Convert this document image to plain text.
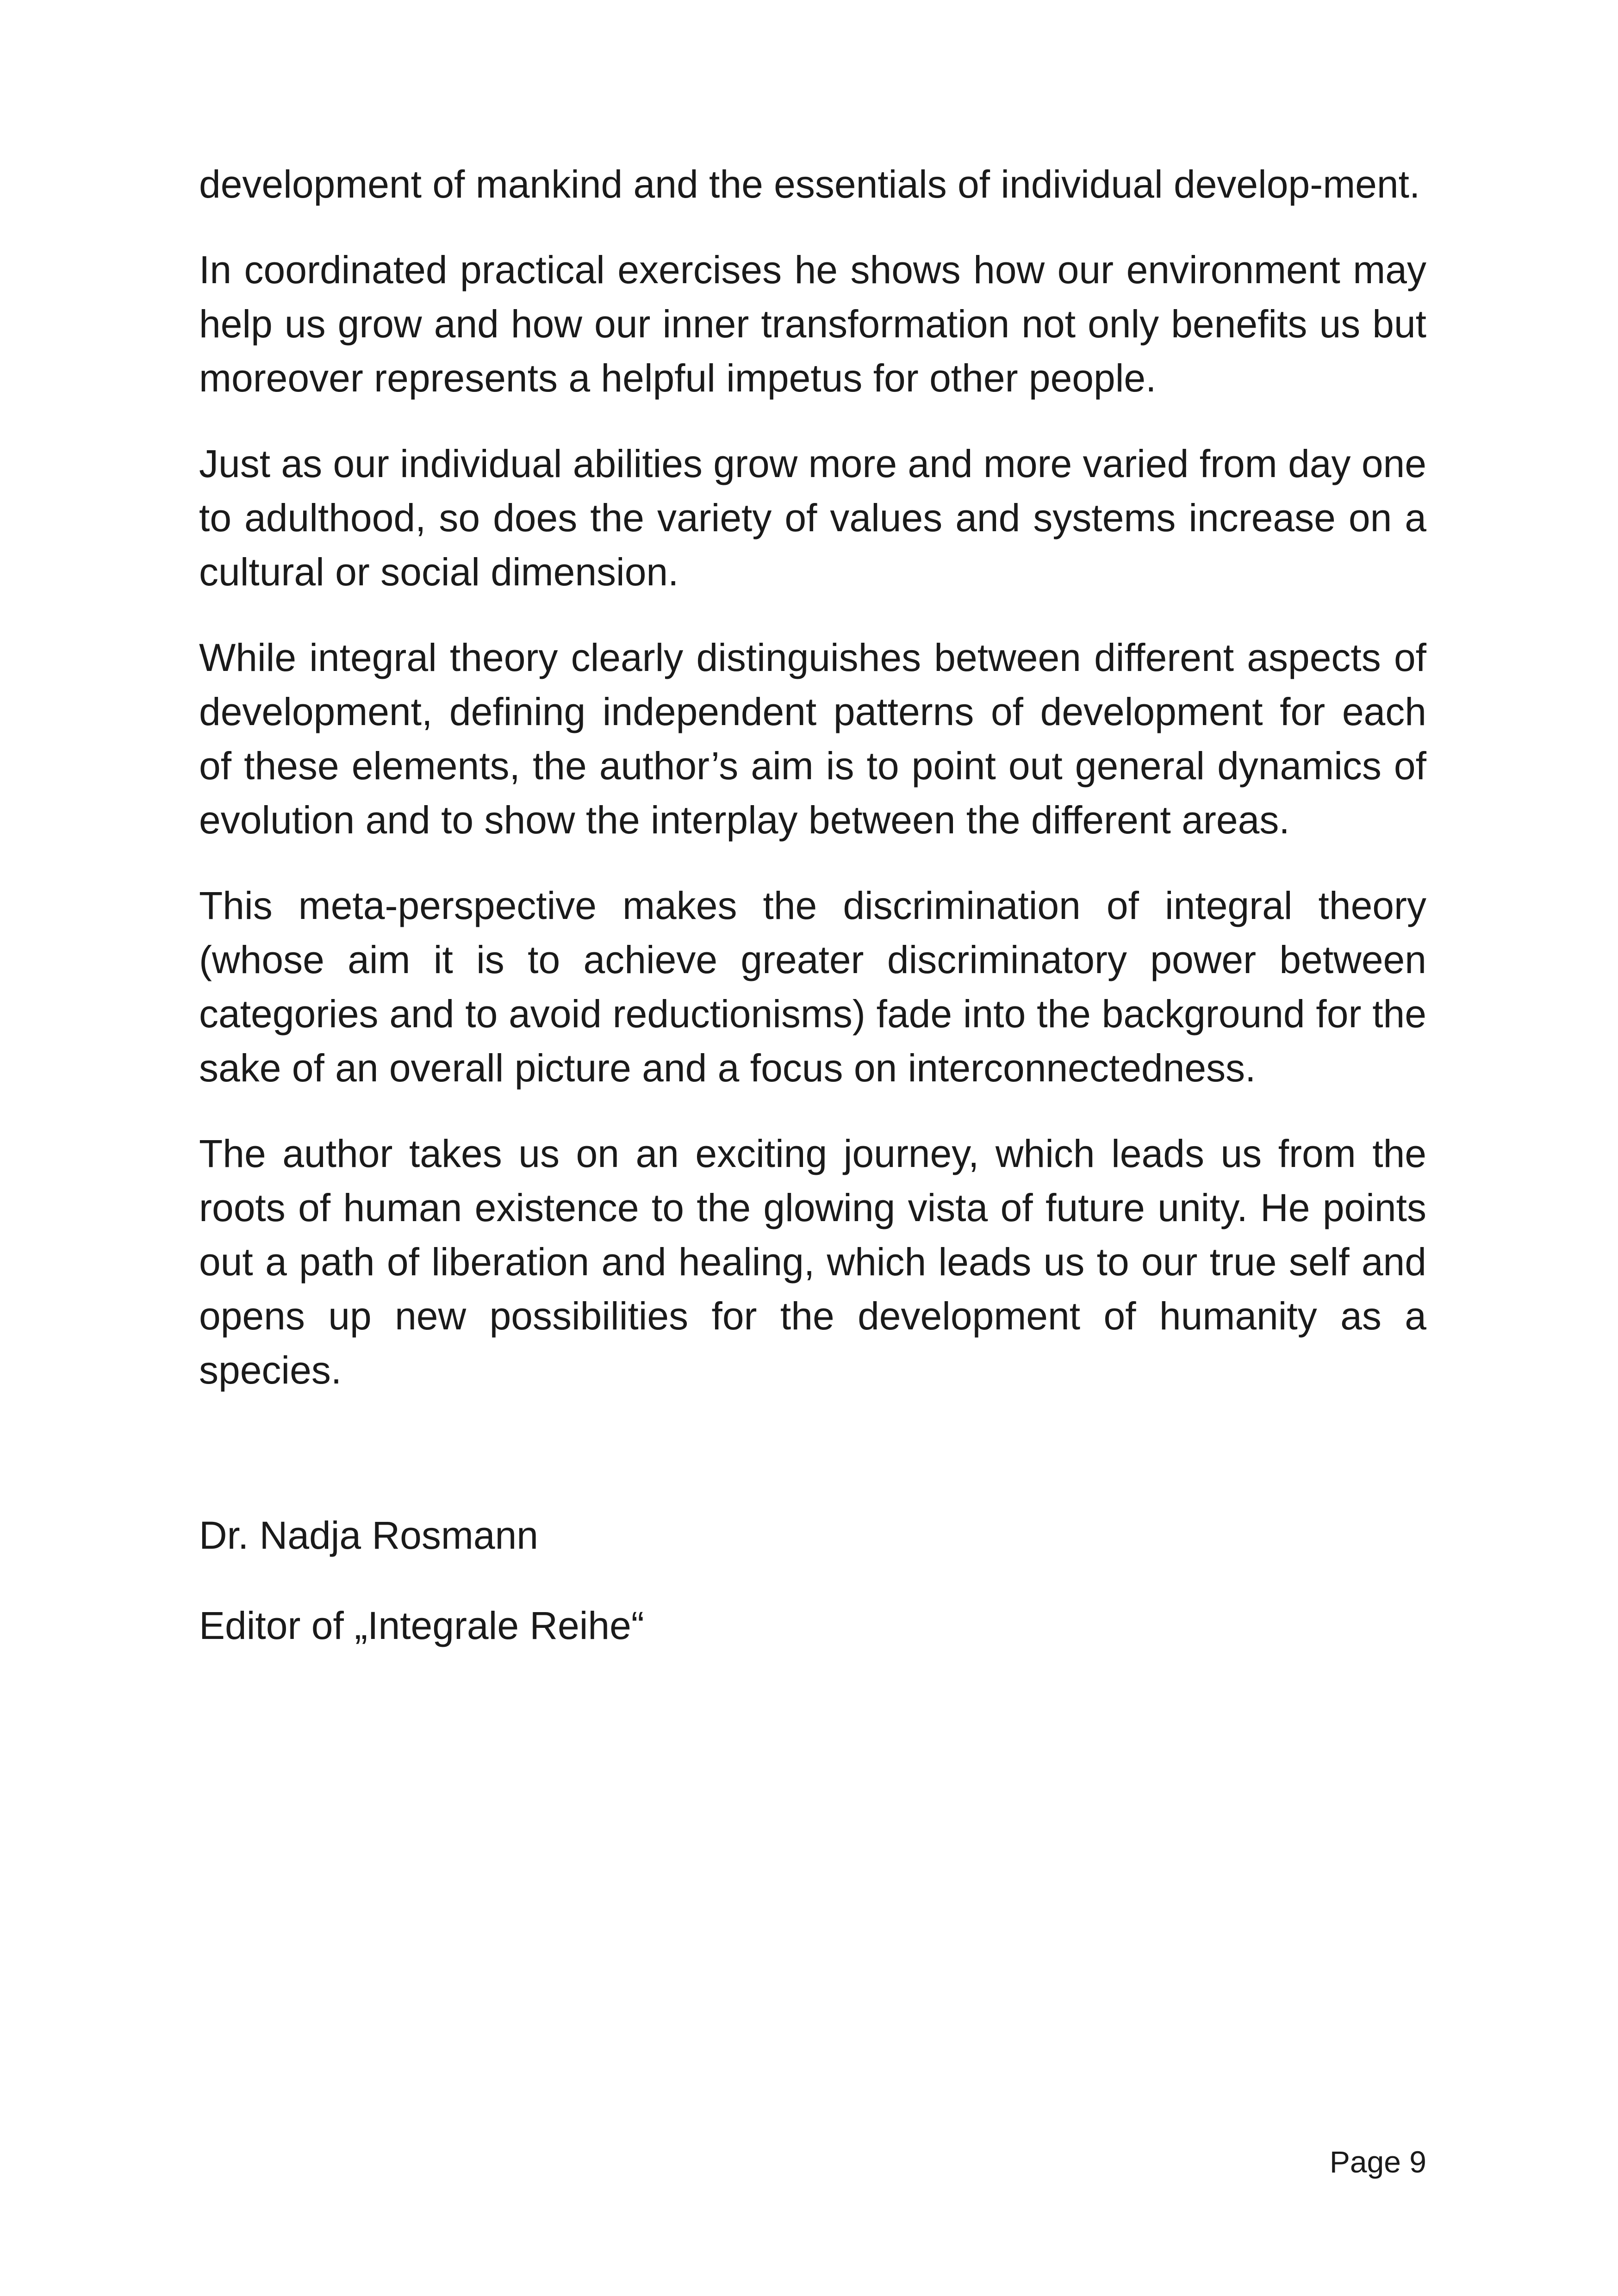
development of mankind and the essentials of individual develop-ment.

In coordinated practical exercises he shows how our environment may help us grow and how our inner transformation not only benefits us but moreover represents a helpful impetus for other people.

Just as our individual abilities grow more and more varied from day one to adulthood, so does the variety of values and systems increase on a cultural or social dimension.

While integral theory clearly distinguishes between different aspects of development, defining independent patterns of development for each of these elements, the author’s aim is to point out general dynamics of evolution and to show the interplay between the different areas.

This meta-perspective makes the discrimination of integral theory (whose aim it is to achieve greater discriminatory power between categories and to avoid reductionisms) fade into the background for the sake of an overall picture and a focus on interconnectedness.

The author takes us on an exciting journey, which leads us from the roots of human existence to the glowing vista of future unity. He points out a path of liberation and healing, which leads us to our true self and opens up new possibilities for the development of humanity as a species.

Dr. Nadja Rosmann

Editor of „Integrale Reihe“

Page 9
